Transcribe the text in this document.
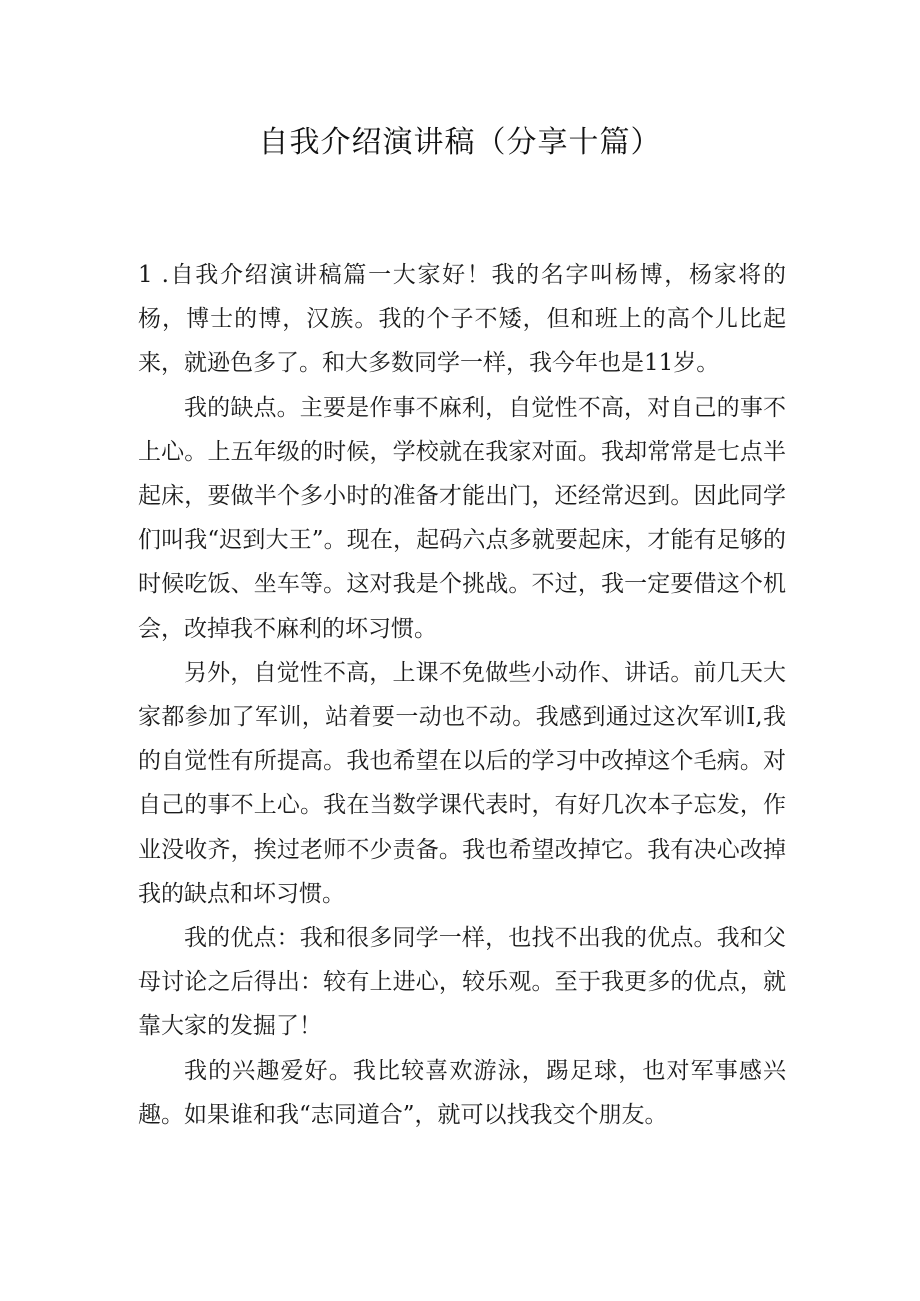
自我介绍演讲稿（分享十篇）

1 .自我介绍演讲稿篇一大家好！我的名字叫杨博，杨家将的杨，博士的博，汉族。我的个子不矮，但和班上的高个儿比起来，就逊色多了。和大多数同学一样，我今年也是11岁。

我的缺点。主要是作事不麻利，自觉性不高，对自己的事不上心。上五年级的时候，学校就在我家对面。我却常常是七点半起床，要做半个多小时的准备才能出门，还经常迟到。因此同学们叫我“迟到大王”。现在，起码六点多就要起床，才能有足够的时候吃饭、坐车等。这对我是个挑战。不过，我一定要借这个机会，改掉我不麻利的坏习惯。

另外，自觉性不高，上课不免做些小动作、讲话。前几天大家都参加了军训，站着要一动也不动。我感到通过这次军训I,我的自觉性有所提高。我也希望在以后的学习中改掉这个毛病。对自己的事不上心。我在当数学课代表时，有好几次本子忘发，作业没收齐，挨过老师不少责备。我也希望改掉它。我有决心改掉我的缺点和坏习惯。

我的优点：我和很多同学一样，也找不出我的优点。我和父母讨论之后得出：较有上进心，较乐观。至于我更多的优点，就靠大家的发掘了！

我的兴趣爱好。我比较喜欢游泳，踢足球，也对军事感兴趣。如果谁和我“志同道合”，就可以找我交个朋友。
